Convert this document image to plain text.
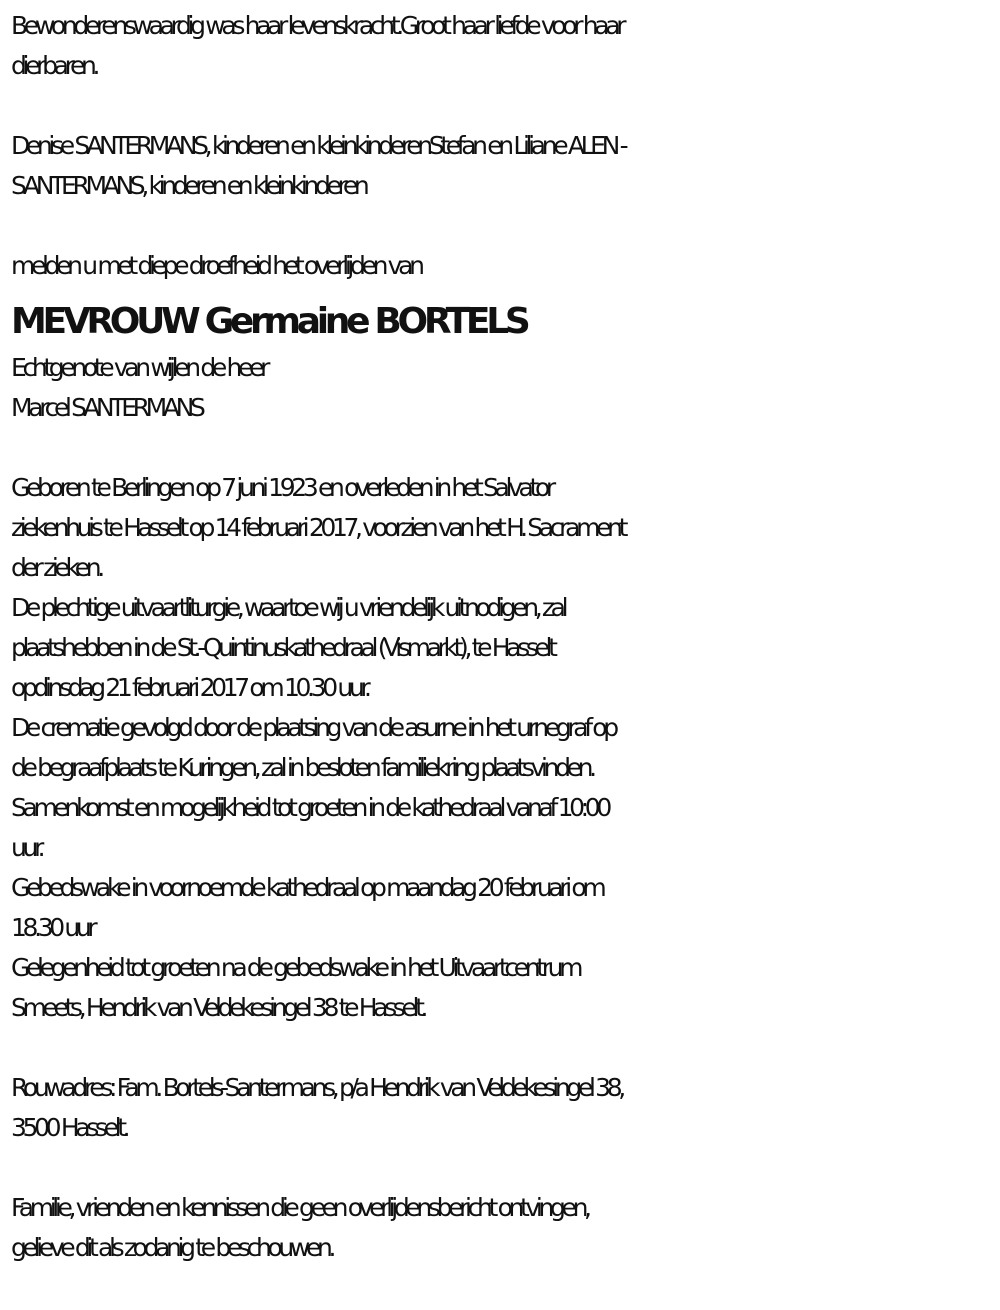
Bewonderenswaardig was haar levenskracht.Groot haar liefde voor haar
dierbaren.
Denise SANTERMANS, kinderen en kleinkinderenStefan en Liliane ALEN -
SANTERMANS, kinderen en kleinkinderen
melden u met diepe droefheid het overlijden van
MEVROUW Germaine BORTELS
Echtgenote van wijlen de heer
Marcel SANTERMANS
Geboren te Berlingen op 7 juni 1923 en overleden in het Salvator
ziekenhuis te Hasselt op 14 februari 2017, voorzien van het H. Sacrament
der zieken.
De plechtige uitvaartliturgie, waartoe wij u vriendelijk uitnodigen, zal
plaatshebben in de St.-Quintinuskathedraal (Vismarkt), te Hasselt
opdinsdag 21 februari 2017 om 10.30 uur.
De crematie gevolgd door de plaatsing van de asurne in het urnegraf op
de begraafplaats te Kuringen, zal in besloten familiekring plaatsvinden.
Samenkomst en mogelijkheid tot groeten in de kathedraal vanaf 10:00
uur.
Gebedswake in voornoemde kathedraal op maandag 20 februari om
18.30 uur
Gelegenheid tot groeten na de gebedswake in het Uitvaartcentrum
Smeets, Hendrik van Veldekesingel 38 te Hasselt.
Rouwadres: Fam. Bortels-Santermans, p/a Hendrik van Veldekesingel 38,
3500 Hasselt.
Familie, vrienden en kennissen die geen overlijdensbericht ontvingen,
gelieve dit als zodanig te beschouwen.
